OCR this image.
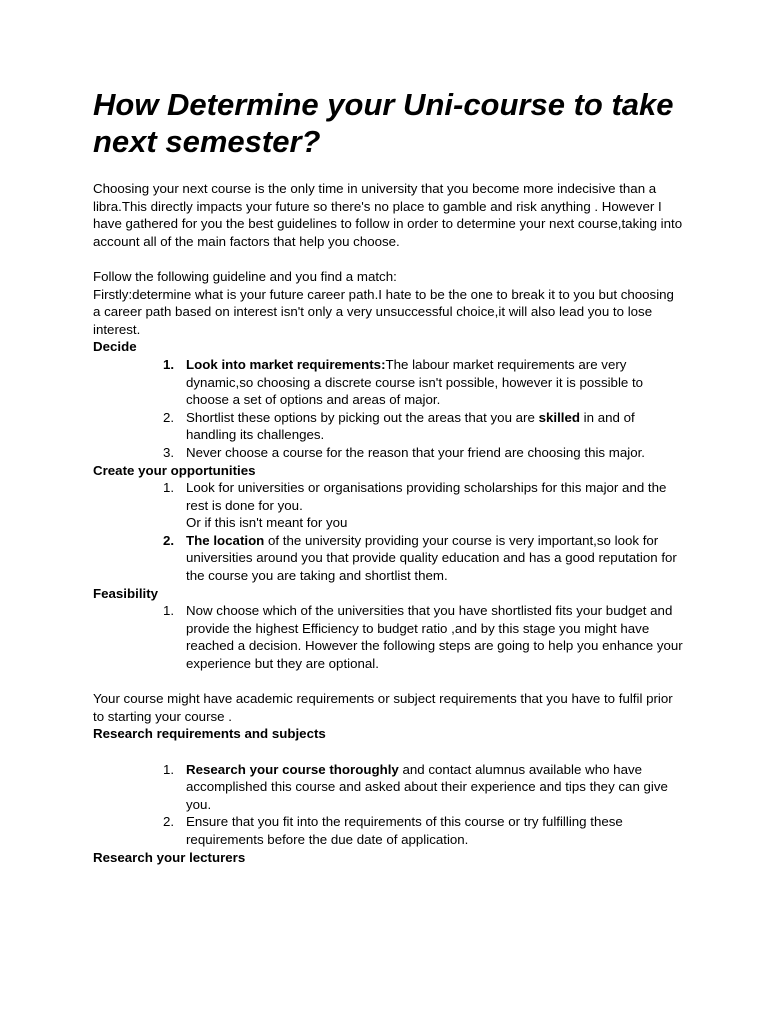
How Determine your Uni-course to take next semester?

Choosing your next course is the only time in university that you become more indecisive than a libra.This directly impacts your future so there's no place to gamble and risk anything . However I have gathered for you the best guidelines to follow in order to determine your next course,taking into account all of the main factors that help you choose.

Follow the following guideline and you find a match:

Firstly:determine what is your future career path.I hate to be the one to break it to you but choosing a career path based on interest isn't only a very unsuccessful choice,it will also lead you to lose interest.

Decide

1. Look into market requirements:The labour market requirements are very dynamic,so choosing a discrete course isn't possible, however it is possible to choose a set of options and areas of major.
2. Shortlist these options by picking out the areas that you are skilled in and of handling its challenges.
3. Never choose a course for the reason that your friend are choosing this major.

Create your opportunities

1. Look for universities or organisations providing scholarships for this major and the rest is done for you.
Or if this isn't meant for you
2. The location of the university providing your course is very important,so look for universities around you that provide quality education and has a good reputation for the course you are taking and shortlist them.

Feasibility

1. Now choose which of the universities that you have shortlisted fits your budget and provide the highest Efficiency to budget ratio ,and by this stage you might have reached a decision. However the following steps are going to help you enhance your experience but they are optional.

Your course might have academic requirements or subject requirements that you have to fulfil prior to starting your course .

Research requirements and subjects

1. Research your course thoroughly and contact alumnus available who have accomplished this course and asked about their experience and tips they can give you.
2. Ensure that you fit into the requirements of this course or try fulfilling these requirements before the due date of application.

Research your lecturers
